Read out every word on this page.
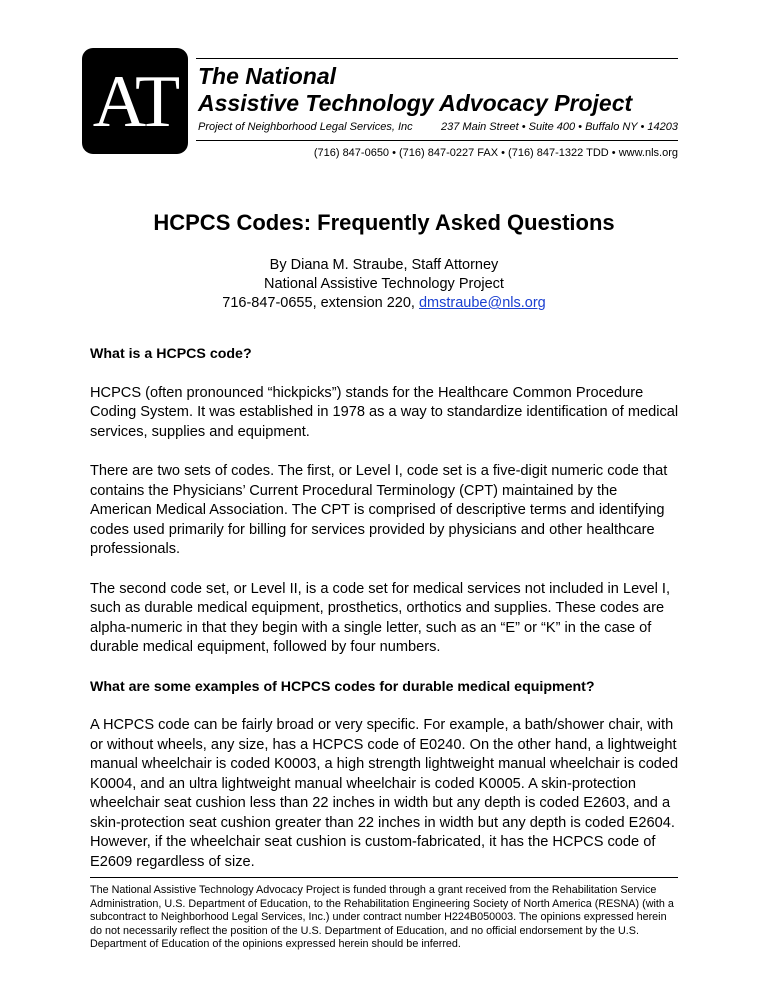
AT The National
Assistive Technology Advocacy Project
Project of Neighborhood Legal Services, Inc	237 Main Street • Suite 400 • Buffalo NY • 14203
(716) 847-0650 • (716) 847-0227 FAX • (716) 847-1322 TDD • www.nls.org
HCPCS Codes: Frequently Asked Questions
By Diana M. Straube, Staff Attorney
National Assistive Technology Project
716-847-0655, extension 220, dmstraube@nls.org

What is a HCPCS code?

HCPCS (often pronounced “hickpicks”) stands for the Healthcare Common Procedure Coding System. It was established in 1978 as a way to standardize identification of medical services, supplies and equipment.

There are two sets of codes. The first, or Level I, code set is a five-digit numeric code that contains the Physicians’ Current Procedural Terminology (CPT) maintained by the American Medical Association. The CPT is comprised of descriptive terms and identifying codes used primarily for billing for services provided by physicians and other healthcare professionals.

The second code set, or Level II, is a code set for medical services not included in Level I, such as durable medical equipment, prosthetics, orthotics and supplies. These codes are alpha-numeric in that they begin with a single letter, such as an “E” or “K” in the case of durable medical equipment, followed by four numbers.

What are some examples of HCPCS codes for durable medical equipment?

A HCPCS code can be fairly broad or very specific. For example, a bath/shower chair, with or without wheels, any size, has a HCPCS code of E0240. On the other hand, a lightweight manual wheelchair is coded K0003, a high strength lightweight manual wheelchair is coded K0004, and an ultra lightweight manual wheelchair is coded K0005. A skin-protection wheelchair seat cushion less than 22 inches in width but any depth is coded E2603, and a skin-protection seat cushion greater than 22 inches in width but any depth is coded E2604. However, if the wheelchair seat cushion is custom-fabricated, it has the HCPCS code of E2609 regardless of size.

The National Assistive Technology Advocacy Project is funded through a grant received from the Rehabilitation Service Administration, U.S. Department of Education, to the Rehabilitation Engineering Society of North America (RESNA) (with a subcontract to Neighborhood Legal Services, Inc.) under contract number H224B050003. The opinions expressed herein do not necessarily reflect the position of the U.S. Department of Education, and no official endorsement by the U.S. Department of Education of the opinions expressed herein should be inferred.
